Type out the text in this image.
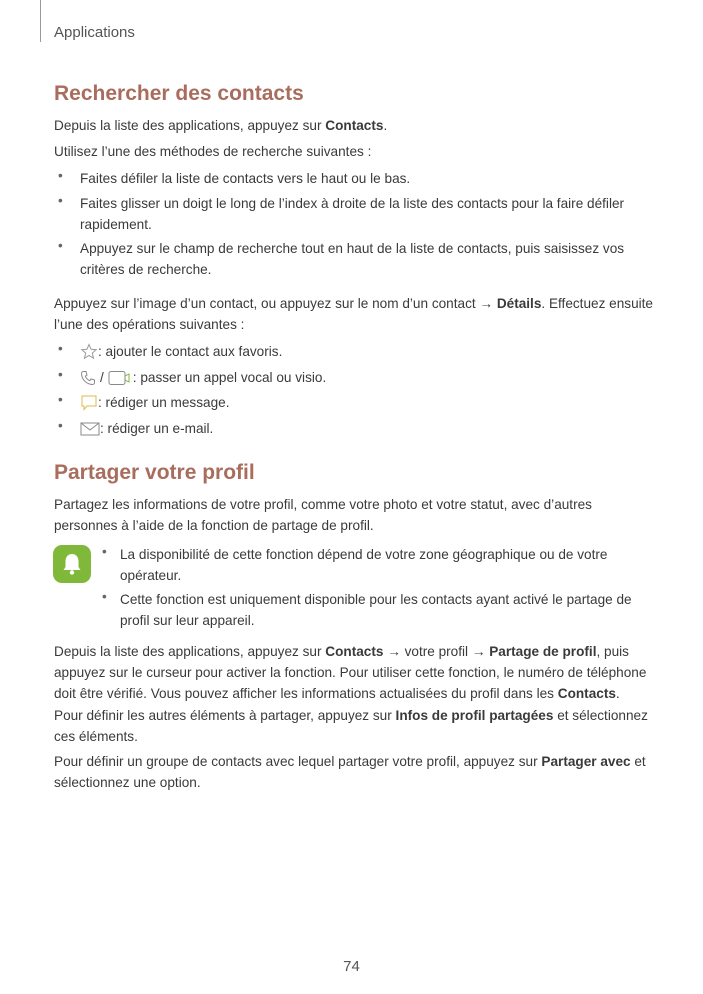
Applications
Rechercher des contacts

Depuis la liste des applications, appuyez sur Contacts.

Utilisez l’une des méthodes de recherche suivantes :

• Faites défiler la liste de contacts vers le haut ou le bas.
• Faites glisser un doigt le long de l’index à droite de la liste des contacts pour la faire défiler rapidement.
• Appuyez sur le champ de recherche tout en haut de la liste de contacts, puis saisissez vos critères de recherche.

Appuyez sur l’image d’un contact, ou appuyez sur le nom d’un contact → Détails. Effectuez ensuite l’une des opérations suivantes :

•	: ajouter le contact aux favoris.
•	/ : passer un appel vocal ou visio.
•	: rédiger un message.
•	: rédiger un e-mail.
Partager votre profil

Partagez les informations de votre profil, comme votre photo et votre statut, avec d’autres personnes à l’aide de la fonction de partage de profil.

• La disponibilité de cette fonction dépend de votre zone géographique ou de votre opérateur.
• Cette fonction est uniquement disponible pour les contacts ayant activé le partage de profil sur leur appareil.

Depuis la liste des applications, appuyez sur Contacts → votre profil → Partage de profil, puis appuyez sur le curseur pour activer la fonction. Pour utiliser cette fonction, le numéro de téléphone doit être vérifié. Vous pouvez afficher les informations actualisées du profil dans les Contacts.

Pour définir les autres éléments à partager, appuyez sur Infos de profil partagées et sélectionnez ces éléments.

Pour définir un groupe de contacts avec lequel partager votre profil, appuyez sur Partager avec et sélectionnez une option.

74
